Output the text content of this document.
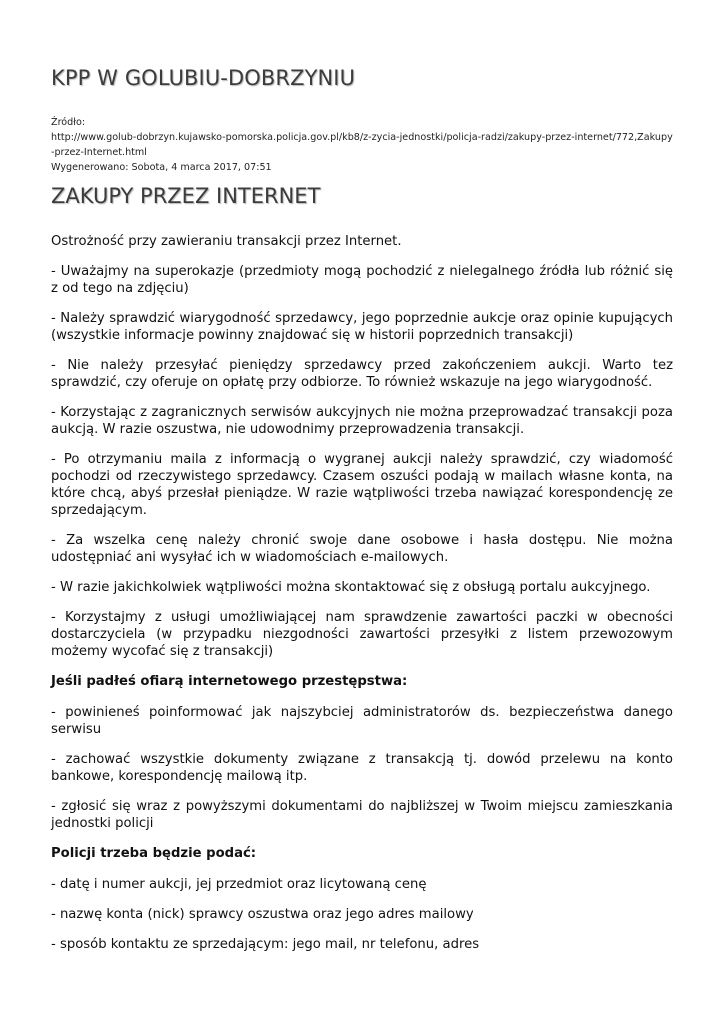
KPP W GOLUBIU-DOBRZYNIU
Źródło:
http://www.golub-dobrzyn.kujawsko-pomorska.policja.gov.pl/kb8/z-zycia-jednostki/policja-radzi/zakupy-przez-internet/772,Zakupy-przez-Internet.html
Wygenerowano: Sobota, 4 marca 2017, 07:51
ZAKUPY PRZEZ INTERNET

Ostrożność przy zawieraniu transakcji przez Internet.

- Uważajmy na superokazje (przedmioty mogą pochodzić z nielegalnego źródła lub różnić się z od tego na zdjęciu)

- Należy sprawdzić wiarygodność sprzedawcy, jego poprzednie aukcje oraz opinie kupujących (wszystkie informacje powinny znajdować się w historii poprzednich transakcji)

- Nie należy przesyłać pieniędzy sprzedawcy przed zakończeniem aukcji. Warto tez sprawdzić, czy oferuje on opłatę przy odbiorze. To również wskazuje na jego wiarygodność.

- Korzystając z zagranicznych serwisów aukcyjnych nie można przeprowadzać transakcji poza aukcją. W razie oszustwa, nie udowodnimy przeprowadzenia transakcji.

- Po otrzymaniu maila z informacją o wygranej aukcji należy sprawdzić, czy wiadomość pochodzi od rzeczywistego sprzedawcy. Czasem oszuści podają w mailach własne konta, na które chcą, abyś przesłał pieniądze. W razie wątpliwości trzeba nawiązać korespondencję ze sprzedającym.

- Za wszelka cenę należy chronić swoje dane osobowe i hasła dostępu. Nie można udostępniać ani wysyłać ich w wiadomościach e-mailowych.

- W razie jakichkolwiek wątpliwości można skontaktować się z obsługą portalu aukcyjnego.

- Korzystajmy z usługi umożliwiającej nam sprawdzenie zawartości paczki w obecności dostarczyciela (w przypadku niezgodności zawartości przesyłki z listem przewozowym możemy wycofać się z transakcji)

Jeśli padłeś ofiarą internetowego przestępstwa:

- powinieneś poinformować jak najszybciej administratorów ds. bezpieczeństwa danego serwisu

- zachować wszystkie dokumenty związane z transakcją tj. dowód przelewu na konto bankowe, korespondencję mailową itp.

- zgłosić się wraz z powyższymi dokumentami do najbliższej w Twoim miejscu zamieszkania jednostki policji

Policji trzeba będzie podać:

- datę i numer aukcji, jej przedmiot oraz licytowaną cenę

- nazwę konta (nick) sprawcy oszustwa oraz jego adres mailowy

- sposób kontaktu ze sprzedającym: jego mail, nr telefonu, adres
